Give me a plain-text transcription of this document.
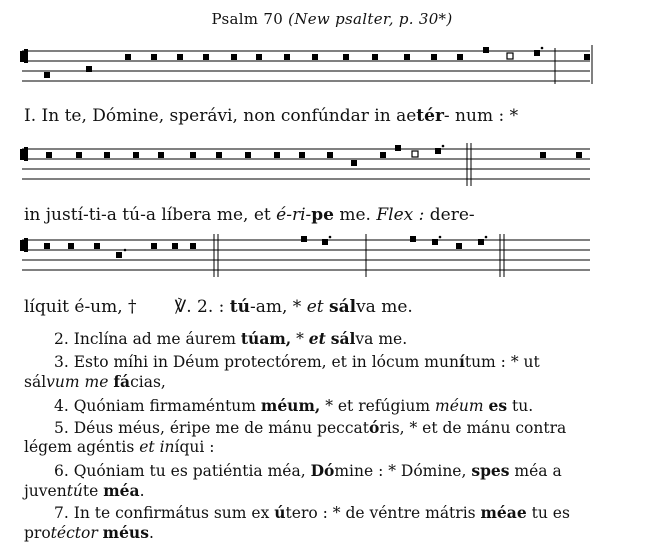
Psalm 70 (New psalter, p. 30*)
I. In te, Dómine, sperávi, non confúndar in aetér- num : *
in justí-ti-a tú-a líbera me, et é-ri-pe me. Flex : dere-
líquit é-um, † ℣. 2. : tú-am, * et sálva me.
2. Inclína ad me áurem túam, * et sálva me.
3. Esto míhi in Déum protectórem, et in lócum munítum : * ut sálvum me fácias,
4. Quóniam firmaméntum méum, * et refúgium méum es tu.
5. Déus méus, éripe me de mánu peccatóris, * et de mánu contra légem agéntis et iníqui :
6. Quóniam tu es patiéntia méa, Dómine : * Dómine, spes méa a juventúte méa.
7. In te confirmátus sum ex útero : * de véntre mátris méae tu es protéctor méus.
